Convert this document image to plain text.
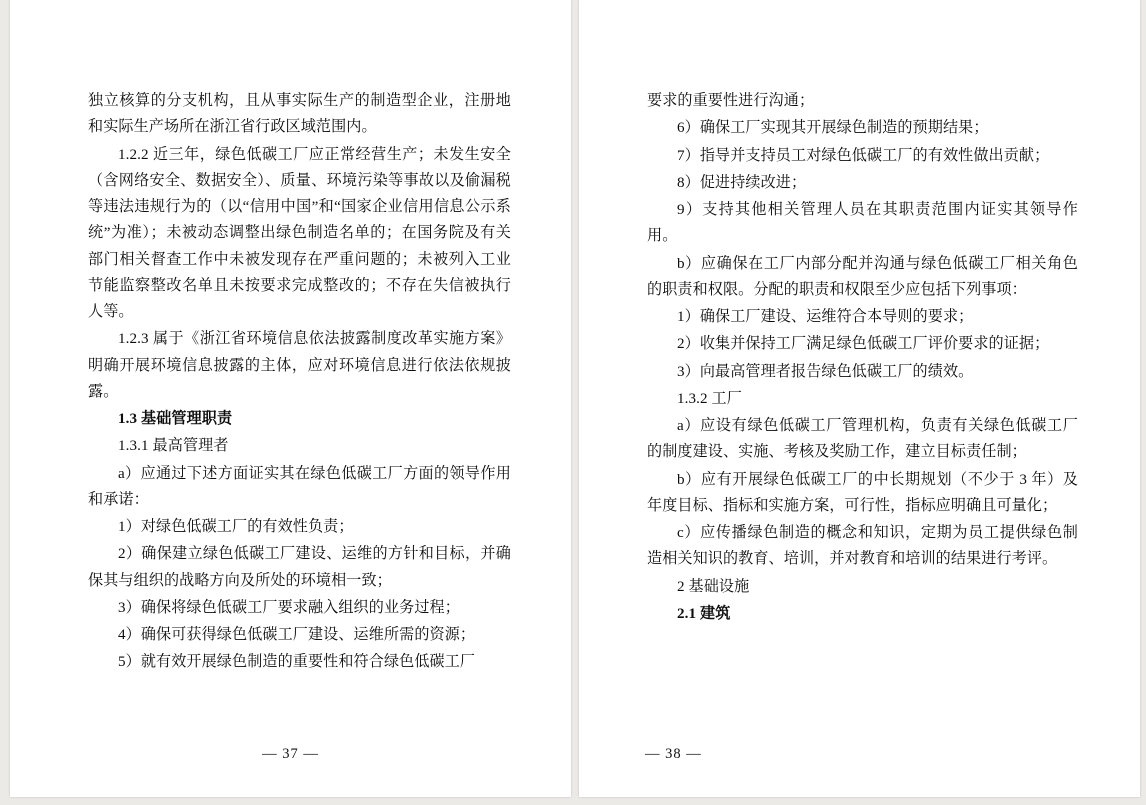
独立核算的分支机构，且从事实际生产的制造型企业，注册地和实际生产场所在浙江省行政区域范围内。

1.2.2 近三年，绿色低碳工厂应正常经营生产；未发生安全（含网络安全、数据安全）、质量、环境污染等事故以及偷漏税等违法违规行为的（以“信用中国”和“国家企业信用信息公示系统”为准）；未被动态调整出绿色制造名单的；在国务院及有关部门相关督查工作中未被发现存在严重问题的；未被列入工业节能监察整改名单且未按要求完成整改的；不存在失信被执行人等。

1.2.3 属于《浙江省环境信息依法披露制度改革实施方案》明确开展环境信息披露的主体，应对环境信息进行依法依规披露。

1.3 基础管理职责

1.3.1 最高管理者

a）应通过下述方面证实其在绿色低碳工厂方面的领导作用和承诺：

1）对绿色低碳工厂的有效性负责；

2）确保建立绿色低碳工厂建设、运维的方针和目标，并确保其与组织的战略方向及所处的环境相一致；

3）确保将绿色低碳工厂要求融入组织的业务过程；

4）确保可获得绿色低碳工厂建设、运维所需的资源；

5）就有效开展绿色制造的重要性和符合绿色低碳工厂

— 37 —

要求的重要性进行沟通；

6）确保工厂实现其开展绿色制造的预期结果；

7）指导并支持员工对绿色低碳工厂的有效性做出贡献；

8）促进持续改进；

9）支持其他相关管理人员在其职责范围内证实其领导作用。

b）应确保在工厂内部分配并沟通与绿色低碳工厂相关角色的职责和权限。分配的职责和权限至少应包括下列事项：

1）确保工厂建设、运维符合本导则的要求；

2）收集并保持工厂满足绿色低碳工厂评价要求的证据；

3）向最高管理者报告绿色低碳工厂的绩效。

1.3.2 工厂

a）应设有绿色低碳工厂管理机构，负责有关绿色低碳工厂的制度建设、实施、考核及奖励工作，建立目标责任制；

b）应有开展绿色低碳工厂的中长期规划（不少于 3 年）及年度目标、指标和实施方案，可行性，指标应明确且可量化；

c）应传播绿色制造的概念和知识，定期为员工提供绿色制造相关知识的教育、培训，并对教育和培训的结果进行考评。

2 基础设施

2.1 建筑

— 38 —
